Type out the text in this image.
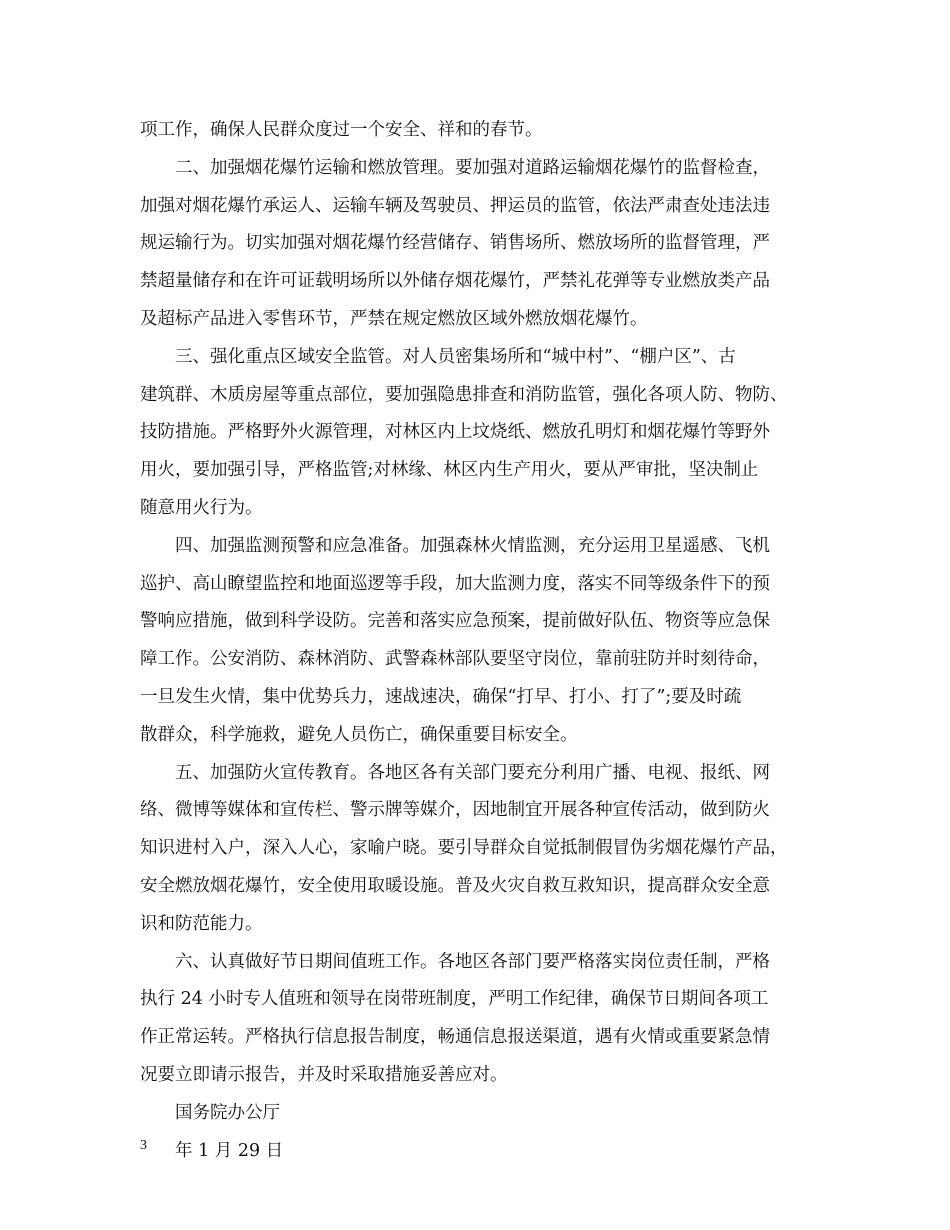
项工作，确保人民群众度过一个安全、祥和的春节。
二、加强烟花爆竹运输和燃放管理。要加强对道路运输烟花爆竹的监督检查，
加强对烟花爆竹承运人、运输车辆及驾驶员、押运员的监管，依法严肃查处违法违
规运输行为。切实加强对烟花爆竹经营储存、销售场所、燃放场所的监督管理，严
禁超量储存和在许可证载明场所以外储存烟花爆竹，严禁礼花弹等专业燃放类产品
及超标产品进入零售环节，严禁在规定燃放区域外燃放烟花爆竹。
三、强化重点区域安全监管。对人员密集场所和“城中村”、“棚户区”、古
建筑群、木质房屋等重点部位，要加强隐患排查和消防监管，强化各项人防、物防、
技防措施。严格野外火源管理，对林区内上坟烧纸、燃放孔明灯和烟花爆竹等野外
用火，要加强引导，严格监管;对林缘、林区内生产用火，要从严审批，坚决制止
随意用火行为。
四、加强监测预警和应急准备。加强森林火情监测，充分运用卫星遥感、飞机
巡护、高山瞭望监控和地面巡逻等手段，加大监测力度，落实不同等级条件下的预
警响应措施，做到科学设防。完善和落实应急预案，提前做好队伍、物资等应急保
障工作。公安消防、森林消防、武警森林部队要坚守岗位，靠前驻防并时刻待命，
一旦发生火情，集中优势兵力，速战速决，确保“打早、打小、打了”;要及时疏
散群众，科学施救，避免人员伤亡，确保重要目标安全。
五、加强防火宣传教育。各地区各有关部门要充分利用广播、电视、报纸、网
络、微博等媒体和宣传栏、警示牌等媒介，因地制宜开展各种宣传活动，做到防火
知识进村入户，深入人心，家喻户晓。要引导群众自觉抵制假冒伪劣烟花爆竹产品，
安全燃放烟花爆竹，安全使用取暖设施。普及火灾自救互救知识，提高群众安全意
识和防范能力。
六、认真做好节日期间值班工作。各地区各部门要严格落实岗位责任制，严格
执行 24 小时专人值班和领导在岗带班制度，严明工作纪律，确保节日期间各项工
作正常运转。严格执行信息报告制度，畅通信息报送渠道，遇有火情或重要紧急情
况要立即请示报告，并及时采取措施妥善应对。
国务院办公厅
年 1 月 29 日
3
